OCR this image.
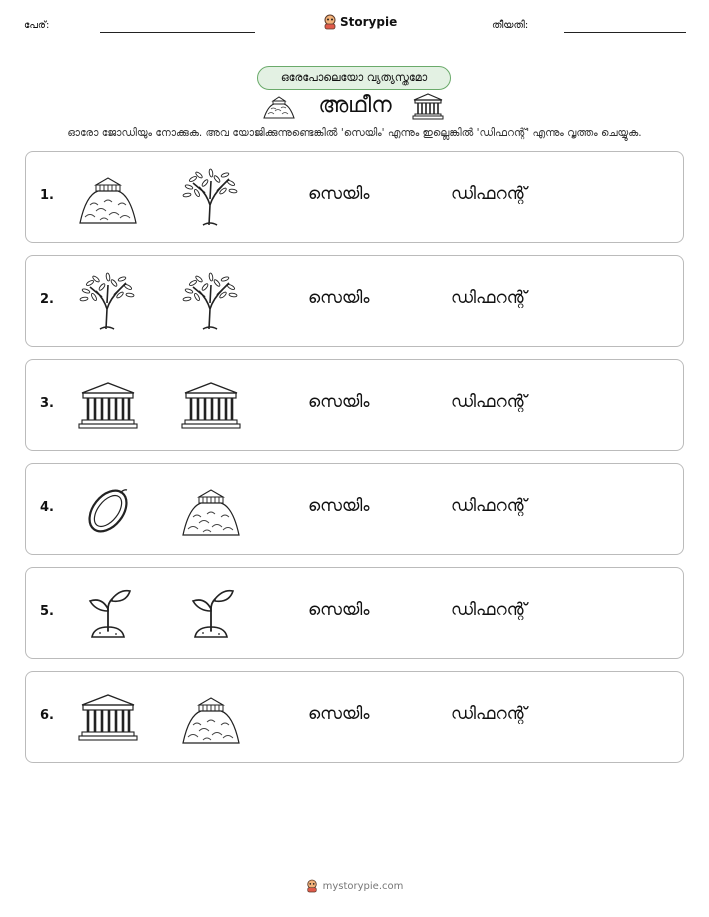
പേര്:	Storypie	തീയതി:
ഒരേപോലെയോ വ്യത്യസ്തമോ
അഥീന
ഓരോ ജോഡിയും നോക്കുക. അവ യോജിക്കുന്നുണ്ടെങ്കിൽ 'സെയിം' എന്നും ഇല്ലെങ്കിൽ 'ഡിഫറന്റ്' എന്നും വൃത്തം ചെയ്യുക.
1.	സെയിം	ഡിഫറന്റ്
2.	സെയിം	ഡിഫറന്റ്
3.	സെയിം	ഡിഫറന്റ്
4.	സെയിം	ഡിഫറന്റ്
5.	സെയിം	ഡിഫറന്റ്
6.	സെയിം	ഡിഫറന്റ്
mystorypie.com
